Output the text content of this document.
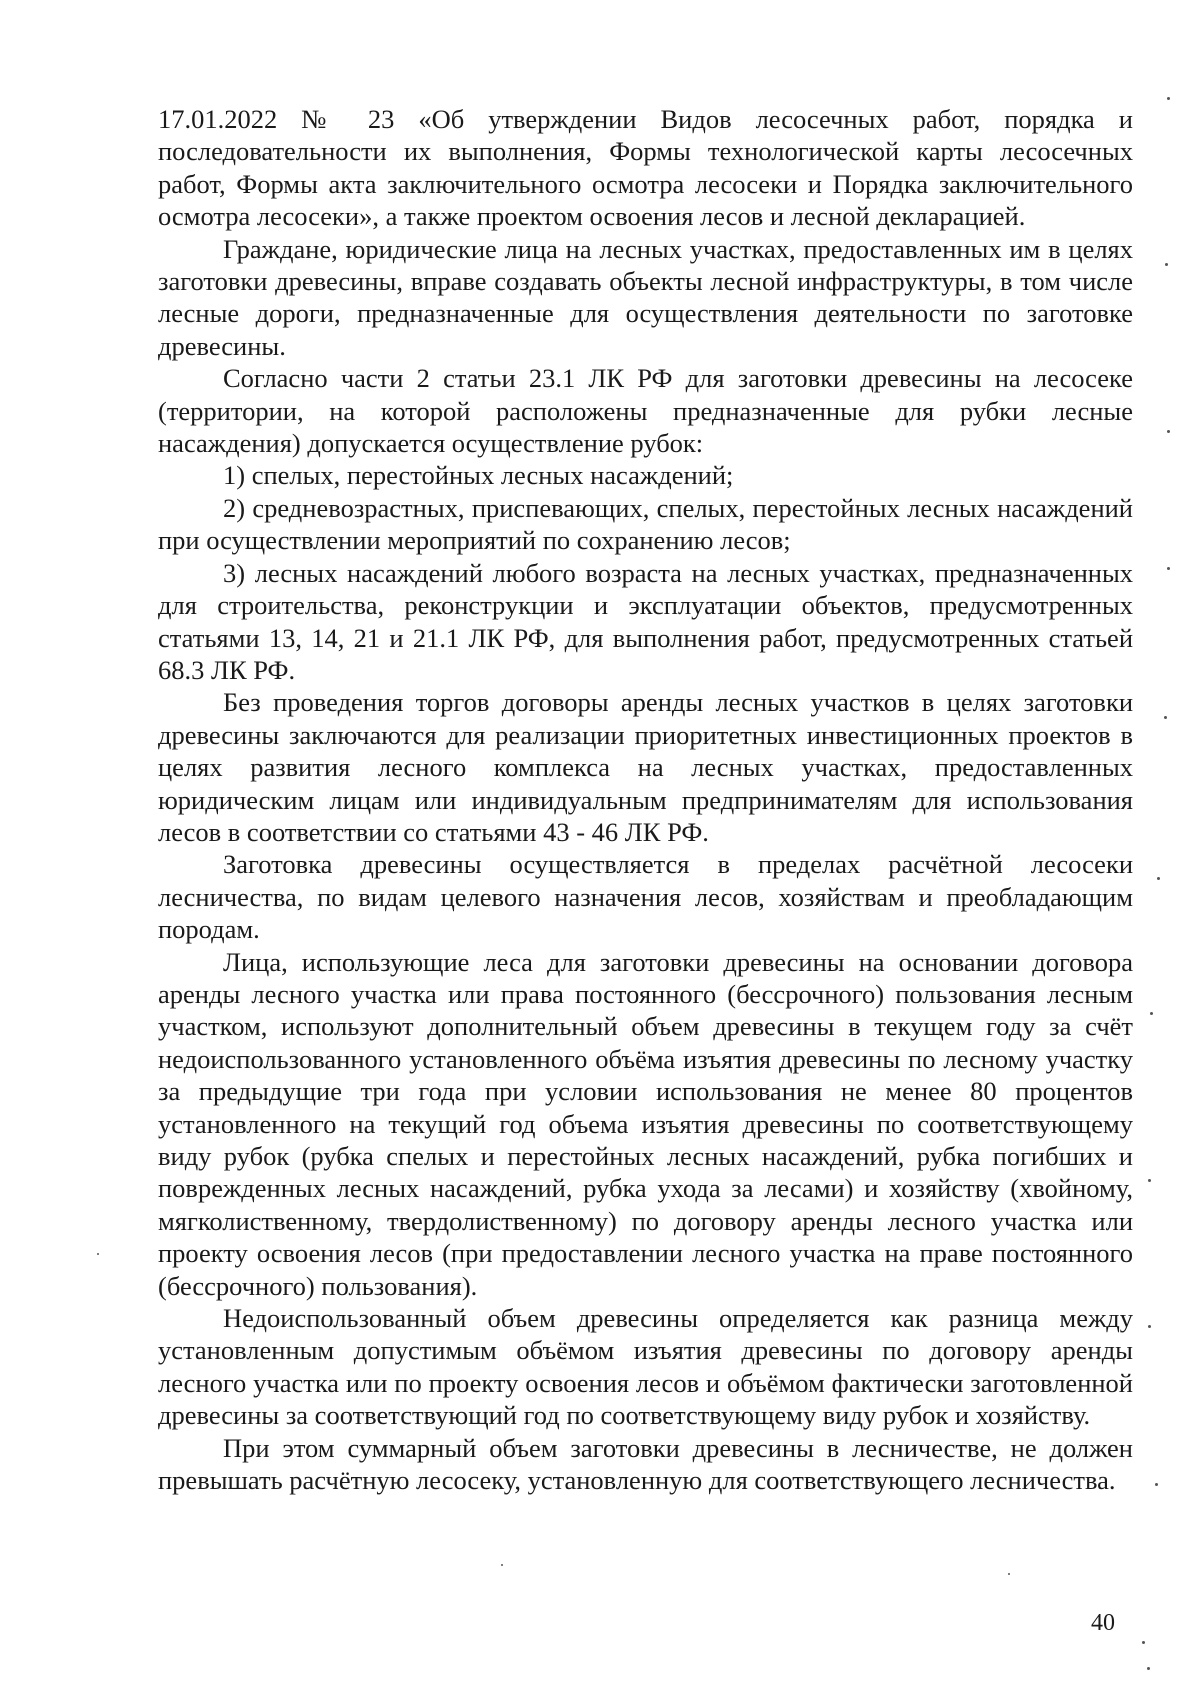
17.01.2022 № 23 «Об утверждении Видов лесосечных работ, порядка и последовательности их выполнения, Формы технологической карты лесосечных работ, Формы акта заключительного осмотра лесосеки и Порядка заключительного осмотра лесосеки», а также проектом освоения лесов и лесной декларацией.

Граждане, юридические лица на лесных участках, предоставленных им в целях заготовки древесины, вправе создавать объекты лесной инфраструктуры, в том числе лесные дороги, предназначенные для осуществления деятельности по заготовке древесины.

Согласно части 2 статьи 23.1 ЛК РФ для заготовки древесины на лесосеке (территории, на которой расположены предназначенные для рубки лесные насаждения) допускается осуществление рубок:

1) спелых, перестойных лесных насаждений;

2) средневозрастных, приспевающих, спелых, перестойных лесных насаждений при осуществлении мероприятий по сохранению лесов;

3) лесных насаждений любого возраста на лесных участках, предназначенных для строительства, реконструкции и эксплуатации объектов, предусмотренных статьями 13, 14, 21 и 21.1 ЛК РФ, для выполнения работ, предусмотренных статьей 68.3 ЛК РФ.

Без проведения торгов договоры аренды лесных участков в целях заготовки древесины заключаются для реализации приоритетных инвестиционных проектов в целях развития лесного комплекса на лесных участках, предоставленных юридическим лицам или индивидуальным предпринимателям для использования лесов в соответствии со статьями 43 - 46 ЛК РФ.

Заготовка древесины осуществляется в пределах расчётной лесосеки лесничества, по видам целевого назначения лесов, хозяйствам и преобладающим породам.

Лица, использующие леса для заготовки древесины на основании договора аренды лесного участка или права постоянного (бессрочного) пользования лесным участком, используют дополнительный объем древесины в текущем году за счёт недоиспользованного установленного объёма изъятия древесины по лесному участку за предыдущие три года при условии использования не менее 80 процентов установленного на текущий год объема изъятия древесины по соответствующему виду рубок (рубка спелых и перестойных лесных насаждений, рубка погибших и поврежденных лесных насаждений, рубка ухода за лесами) и хозяйству (хвойному, мягколиственному, твердолиственному) по договору аренды лесного участка или проекту освоения лесов (при предоставлении лесного участка на праве постоянного (бессрочного) пользования).

Недоиспользованный объем древесины определяется как разница между установленным допустимым объёмом изъятия древесины по договору аренды лесного участка или по проекту освоения лесов и объёмом фактически заготовленной древесины за соответствующий год по соответствующему виду рубок и хозяйству.

При этом суммарный объем заготовки древесины в лесничестве, не должен превышать расчётную лесосеку, установленную для соответствующего лесничества.

40
